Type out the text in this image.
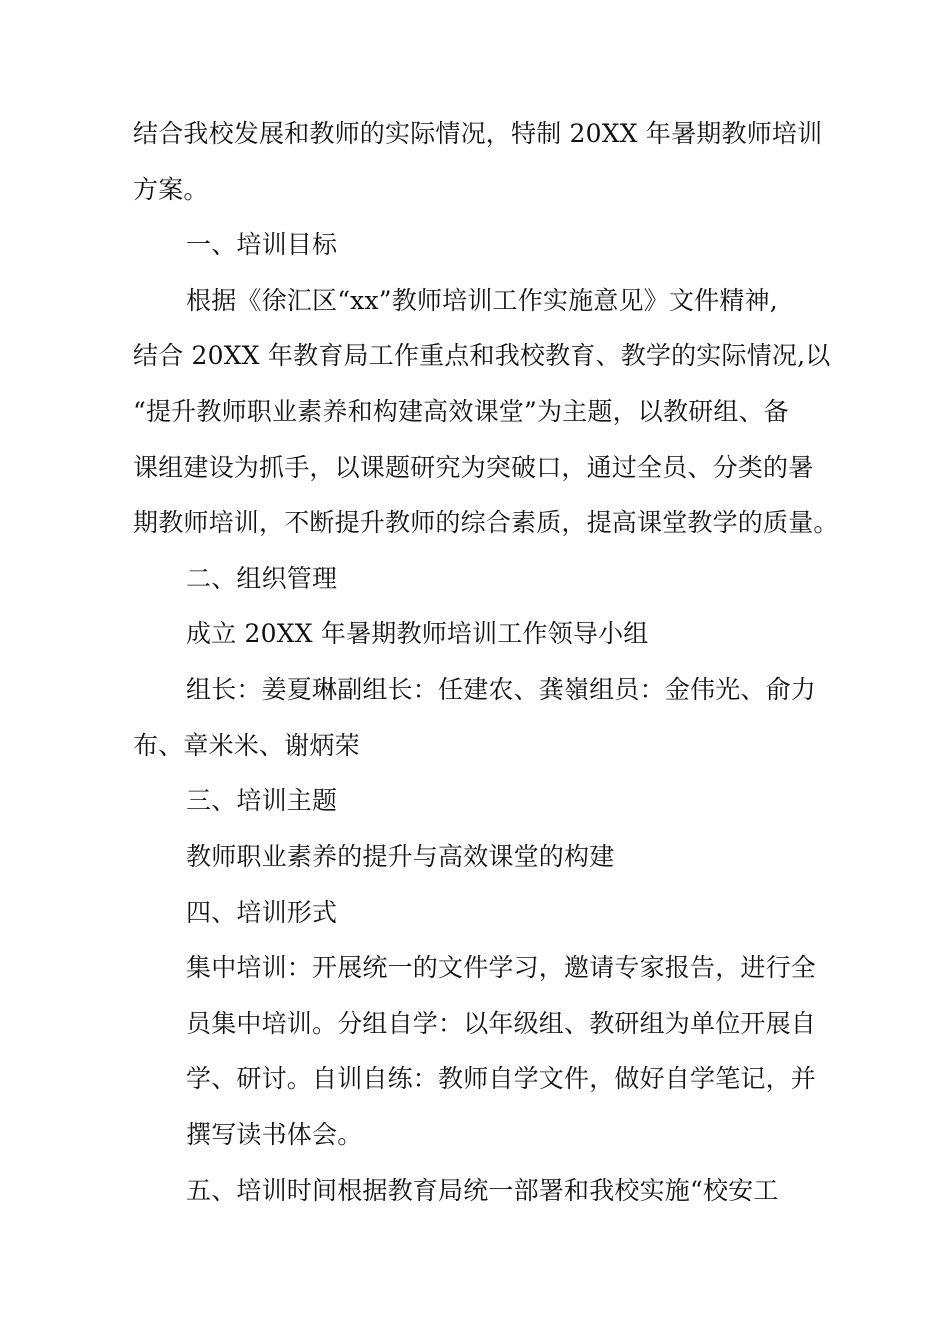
结合我校发展和教师的实际情况，特制 20XX 年暑期教师培训
方案。
一、培训目标
根据《徐汇区“xx”教师培训工作实施意见》文件精神,
结合 20XX 年教育局工作重点和我校教育、教学的实际情况,以
“提升教师职业素养和构建高效课堂”为主题，以教研组、备
课组建设为抓手，以课题研究为突破口，通过全员、分类的暑
期教师培训，不断提升教师的综合素质，提高课堂教学的质量。
二、组织管理
成立 20XX 年暑期教师培训工作领导小组
组长：姜夏琳副组长：任建农、龚嶺组员：金伟光、俞力
布、章米米、谢炳荣
三、培训主题
教师职业素养的提升与高效课堂的构建
四、培训形式
集中培训：开展统一的文件学习，邀请专家报告，进行全
员集中培训。分组自学：以年级组、教研组为单位开展自
学、研讨。自训自练：教师自学文件，做好自学笔记，并
撰写读书体会。
五、培训时间根据教育局统一部署和我校实施“校安工
